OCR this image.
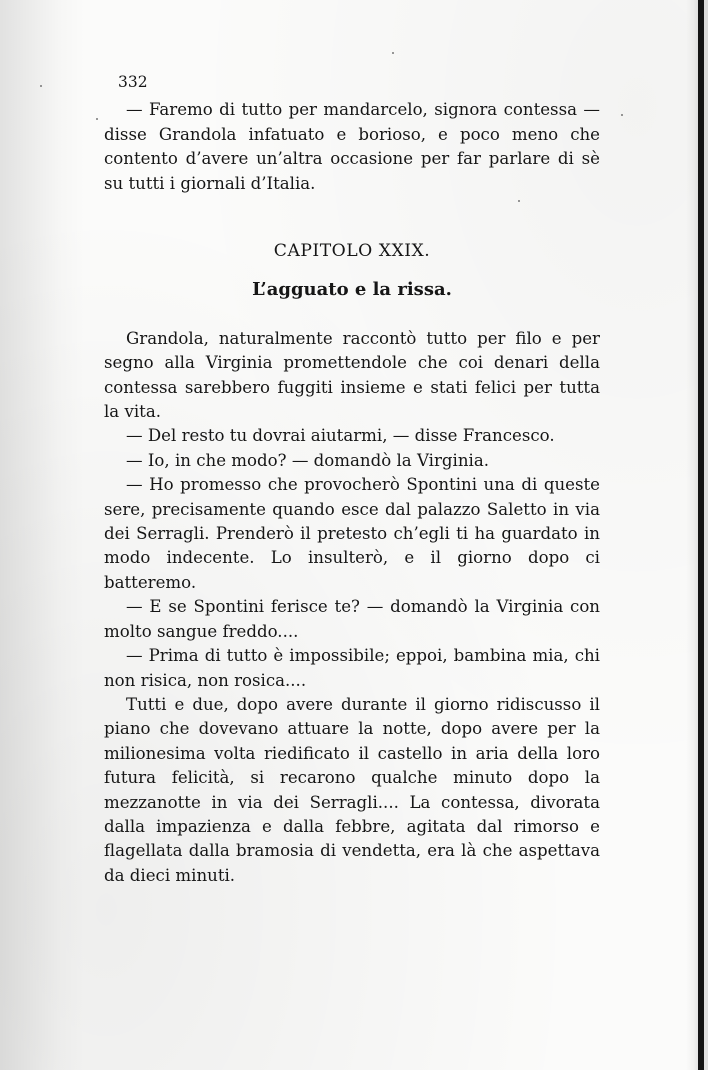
332

— Faremo di tutto per mandarcelo, signora contessa — disse Grandola infatuato e borioso, e poco meno che contento d’avere un’altra occasione per far parlare di sè su tutti i giornali d’Italia.

CAPITOLO XXIX.
L’agguato e la rissa.

Grandola, naturalmente raccontò tutto per filo e per segno alla Virginia promettendole che coi denari della contessa sarebbero fuggiti insieme e stati felici per tutta la vita.

— Del resto tu dovrai aiutarmi, — disse Francesco.

— Io, in che modo? — domandò la Virginia.

— Ho promesso che provocherò Spontini una di queste sere, precisamente quando esce dal palazzo Saletto in via dei Serragli. Prenderò il pretesto ch’egli ti ha guardato in modo indecente. Lo insulterò, e il giorno dopo ci batteremo.

— E se Spontini ferisce te? — domandò la Virginia con molto sangue freddo....

— Prima di tutto è impossibile; eppoi, bambina mia, chi non risica, non rosica....

Tutti e due, dopo avere durante il giorno ridiscusso il piano che dovevano attuare la notte, dopo avere per la milionesima volta riedificato il castello in aria della loro futura felicità, si recarono qualche minuto dopo la mezzanotte in via dei Serragli.... La contessa, divorata dalla impazienza e dalla febbre, agitata dal rimorso e flagellata dalla bramosia di vendetta, era là che aspettava da dieci minuti.
